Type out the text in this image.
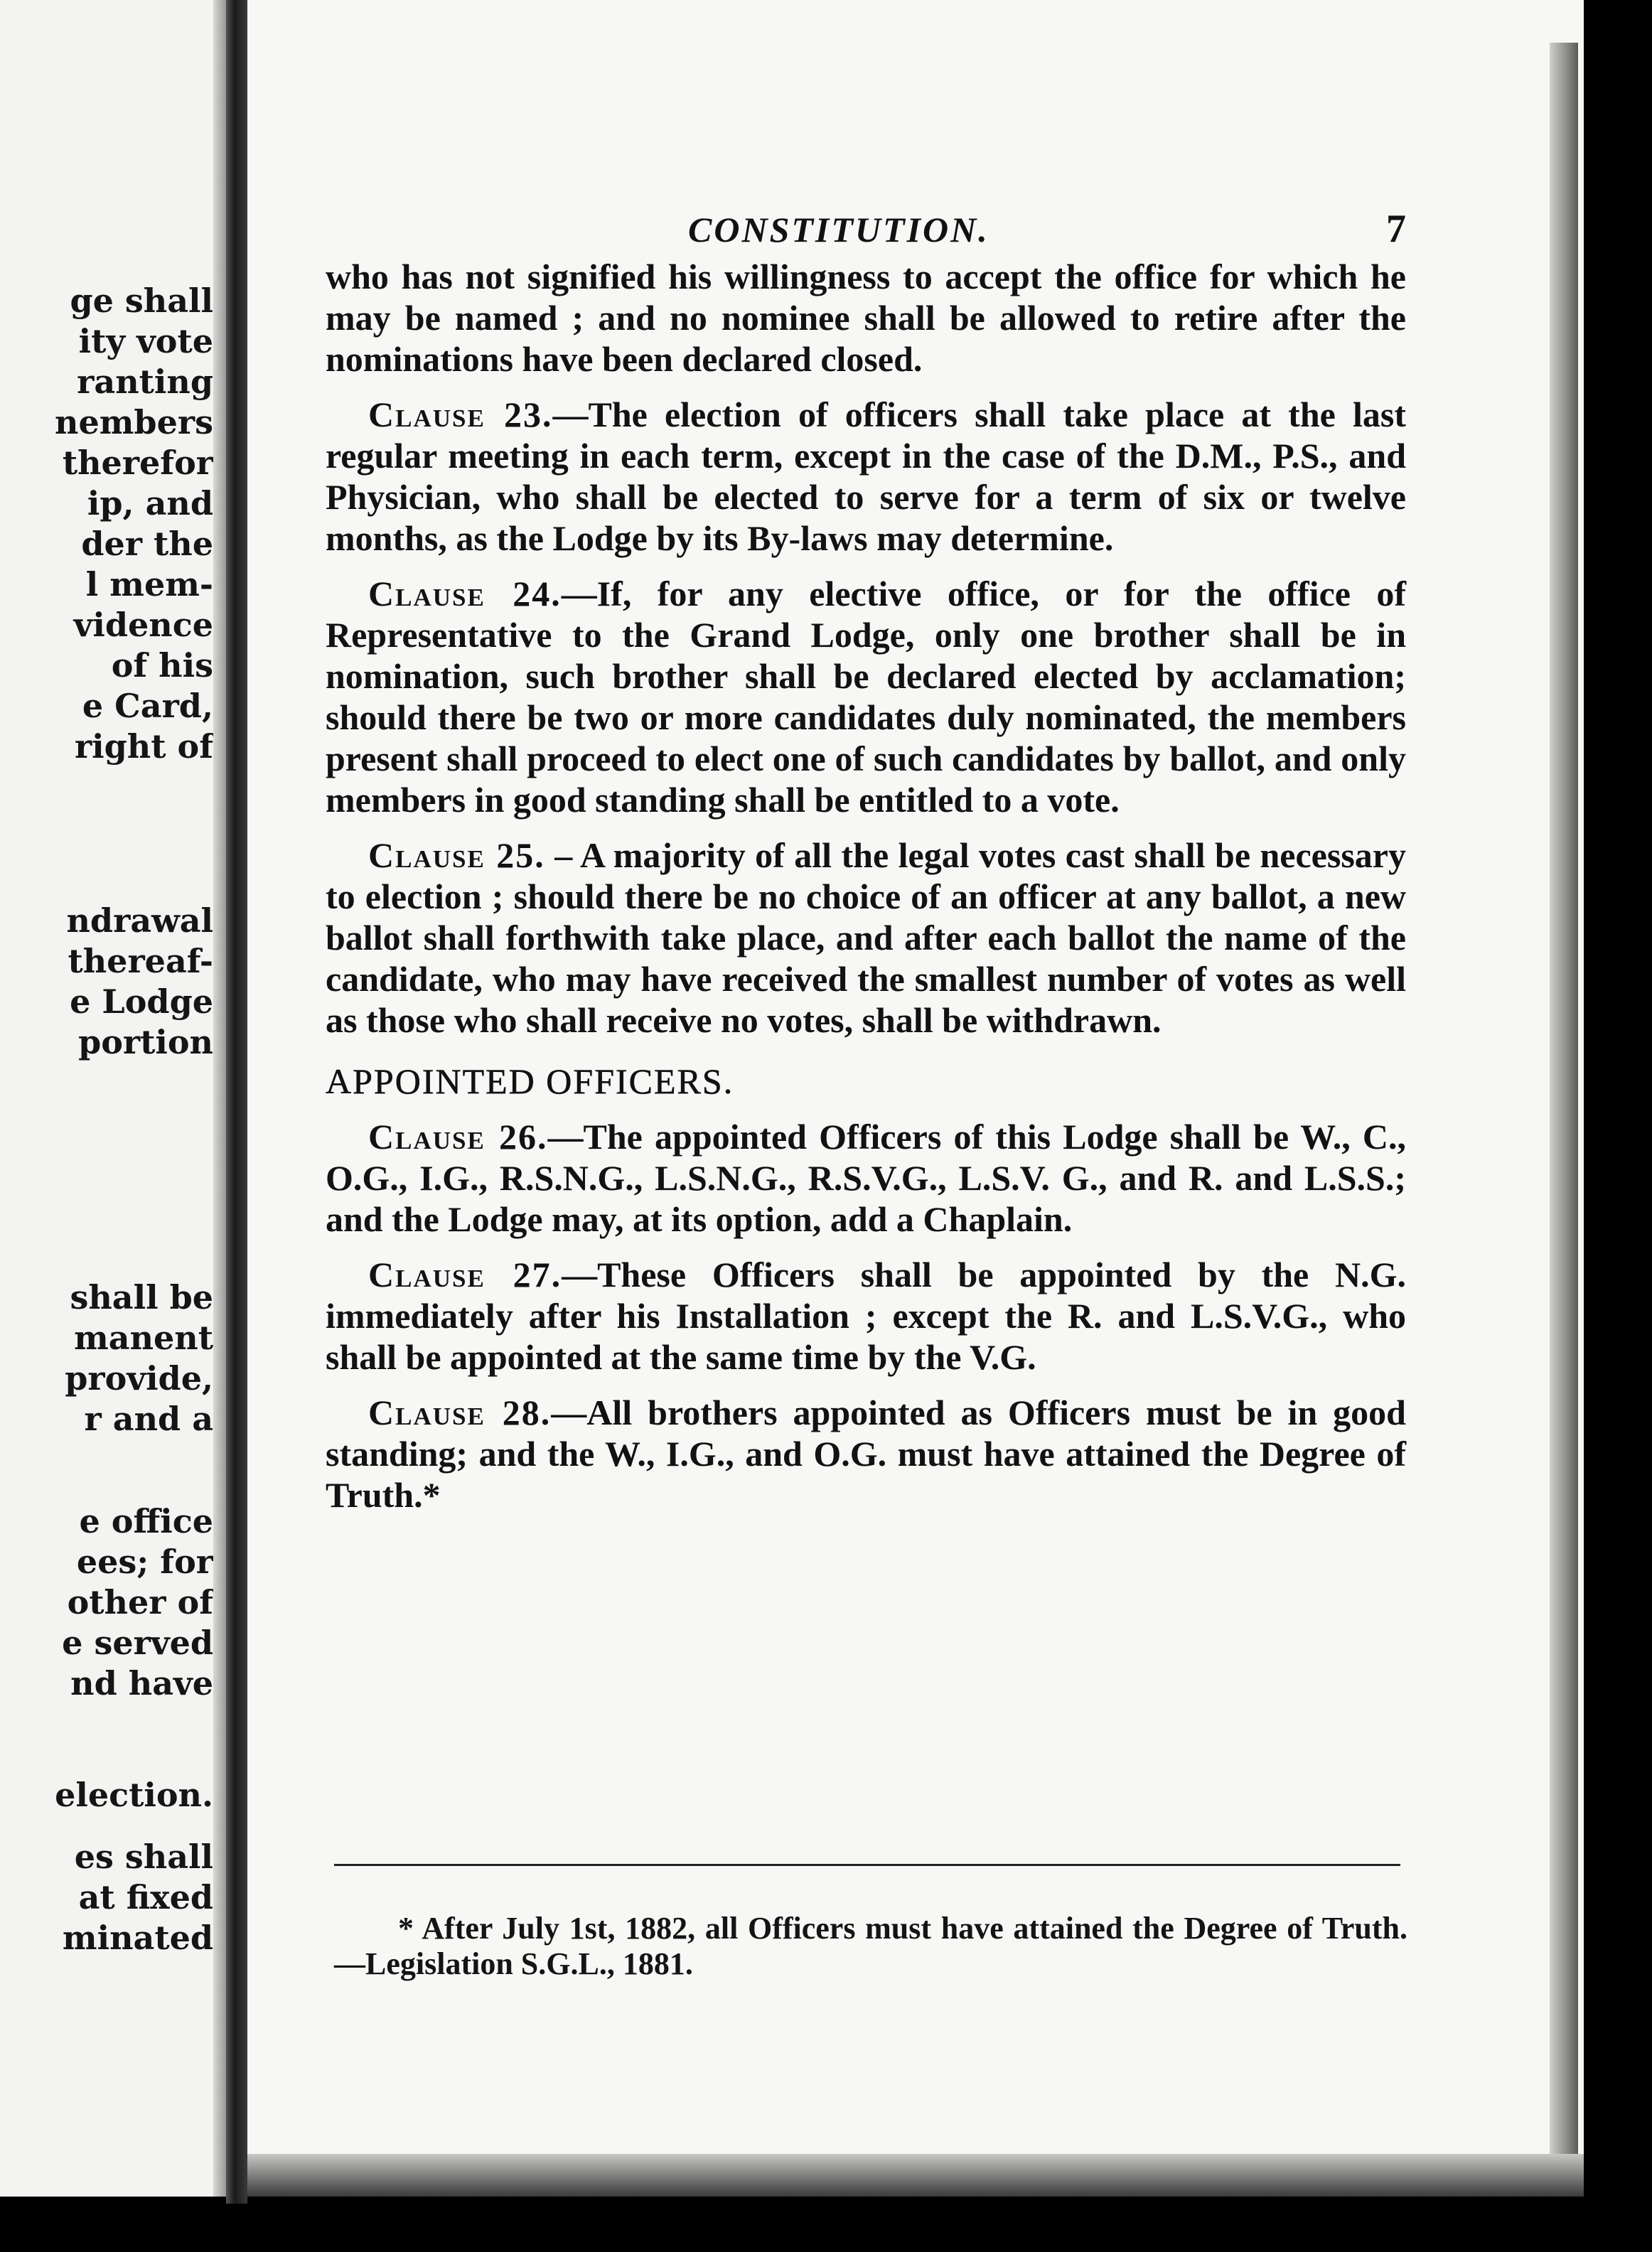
ge shall
ity vote
ranting
nembers
therefor
ip, and
der the
l mem-
vidence
of his
e Card,
right of
ndrawal
thereaf-
e Lodge
portion
shall be
manent
provide,
r and a
e office
ees; for
other of
e served
nd have
election.
es shall
at fixed
minated
CONSTITUTION.	7

who has not signified his willingness to accept the office for which he may be named ; and no nominee shall be allowed to retire after the nominations have been declared closed.

Clause 23.—The election of officers shall take place at the last regular meeting in each term, except in the case of the D.M., P.S., and Physician, who shall be elected to serve for a term of six or twelve months, as the Lodge by its By-laws may determine.

Clause 24.—If, for any elective office, or for the office of Representative to the Grand Lodge, only one brother shall be in nomination, such brother shall be declared elected by acclamation; should there be two or more candidates duly nominated, the members present shall proceed to elect one of such candidates by ballot, and only members in good standing shall be entitled to a vote.

Clause 25. – A majority of all the legal votes cast shall be necessary to election ; should there be no choice of an officer at any ballot, a new ballot shall forthwith take place, and after each ballot the name of the candidate, who may have received the smallest number of votes as well as those who shall receive no votes, shall be withdrawn.

APPOINTED OFFICERS.

Clause 26.—The appointed Officers of this Lodge shall be W., C., O.G., I.G., R.S.N.G., L.S.N.G., R.S.V.G., L.S.V. G., and R. and L.S.S.; and the Lodge may, at its option, add a Chaplain.

Clause 27.—These Officers shall be appointed by the N.G. immediately after his Installation ; except the R. and L.S.V.G., who shall be appointed at the same time by the V.G.

Clause 28.—All brothers appointed as Officers must be in good standing; and the W., I.G., and O.G. must have attained the Degree of Truth.*

* After July 1st, 1882, all Officers must have attained the Degree of Truth.—Legislation S.G.L., 1881.
